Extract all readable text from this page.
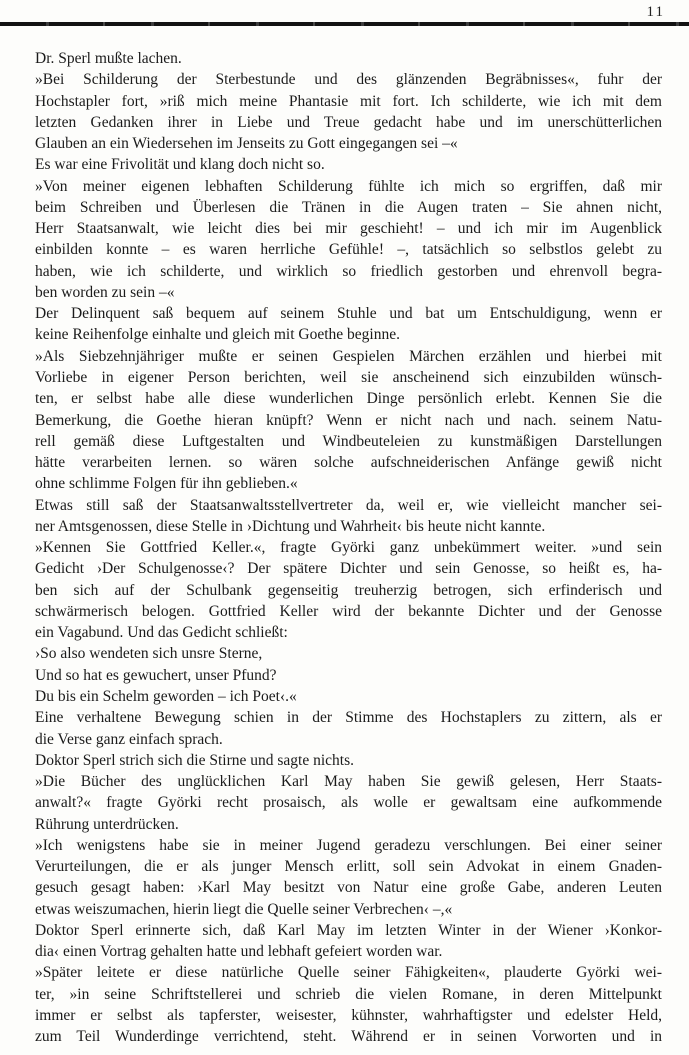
11
Dr. Sperl mußte lachen.
»Bei Schilderung der Sterbestunde und des glänzenden Begräbnisses«, fuhr der
Hochstapler fort, »riß mich meine Phantasie mit fort. Ich schilderte, wie ich mit dem
letzten Gedanken ihrer in Liebe und Treue gedacht habe und im unerschütterlichen
Glauben an ein Wiedersehen im Jenseits zu Gott eingegangen sei –«
Es war eine Frivolität und klang doch nicht so.
»Von meiner eigenen lebhaften Schilderung fühlte ich mich so ergriffen, daß mir
beim Schreiben und Überlesen die Tränen in die Augen traten – Sie ahnen nicht,
Herr Staatsanwalt, wie leicht dies bei mir geschieht! – und ich mir im Augenblick
einbilden konnte – es waren herrliche Gefühle! –, tatsächlich so selbstlos gelebt zu
haben, wie ich schilderte, und wirklich so friedlich gestorben und ehrenvoll begra-
ben worden zu sein –«
Der Delinquent saß bequem auf seinem Stuhle und bat um Entschuldigung, wenn er
keine Reihenfolge einhalte und gleich mit Goethe beginne.
»Als Siebzehnjähriger mußte er seinen Gespielen Märchen erzählen und hierbei mit
Vorliebe in eigener Person berichten, weil sie anscheinend sich einzubilden wünsch-
ten, er selbst habe alle diese wunderlichen Dinge persönlich erlebt. Kennen Sie die
Bemerkung, die Goethe hieran knüpft? Wenn er nicht nach und nach. seinem Natu-
rell gemäß diese Luftgestalten und Windbeuteleien zu kunstmäßigen Darstellungen
hätte verarbeiten lernen. so wären solche aufschneiderischen Anfänge gewiß nicht
ohne schlimme Folgen für ihn geblieben.«
Etwas still saß der Staatsanwaltsstellvertreter da, weil er, wie vielleicht mancher sei-
ner Amtsgenossen, diese Stelle in ›Dichtung und Wahrheit‹ bis heute nicht kannte.
»Kennen Sie Gottfried Keller.«, fragte Györki ganz unbekümmert weiter. »und sein
Gedicht ›Der Schulgenosse‹? Der spätere Dichter und sein Genosse, so heißt es, ha-
ben sich auf der Schulbank gegenseitig treuherzig betrogen, sich erfinderisch und
schwärmerisch belogen. Gottfried Keller wird der bekannte Dichter und der Genosse
ein Vagabund. Und das Gedicht schließt:
›So also wendeten sich unsre Sterne,
Und so hat es gewuchert, unser Pfund?
Du bis ein Schelm geworden – ich Poet‹.«
Eine verhaltene Bewegung schien in der Stimme des Hochstaplers zu zittern, als er
die Verse ganz einfach sprach.
Doktor Sperl strich sich die Stirne und sagte nichts.
»Die Bücher des unglücklichen Karl May haben Sie gewiß gelesen, Herr Staats-
anwalt?« fragte Györki recht prosaisch, als wolle er gewaltsam eine aufkommende
Rührung unterdrücken.
»Ich wenigstens habe sie in meiner Jugend geradezu verschlungen. Bei einer seiner
Verurteilungen, die er als junger Mensch erlitt, soll sein Advokat in einem Gnaden-
gesuch gesagt haben: ›Karl May besitzt von Natur eine große Gabe, anderen Leuten
etwas weiszumachen, hierin liegt die Quelle seiner Verbrechen‹ –,«
Doktor Sperl erinnerte sich, daß Karl May im letzten Winter in der Wiener ›Konkor-
dia‹ einen Vortrag gehalten hatte und lebhaft gefeiert worden war.
»Später leitete er diese natürliche Quelle seiner Fähigkeiten«, plauderte Györki wei-
ter, »in seine Schriftstellerei und schrieb die vielen Romane, in deren Mittelpunkt
immer er selbst als tapferster, weisester, kühnster, wahrhaftigster und edelster Held,
zum Teil Wunderdinge verrichtend, steht. Während er in seinen Vorworten und in
